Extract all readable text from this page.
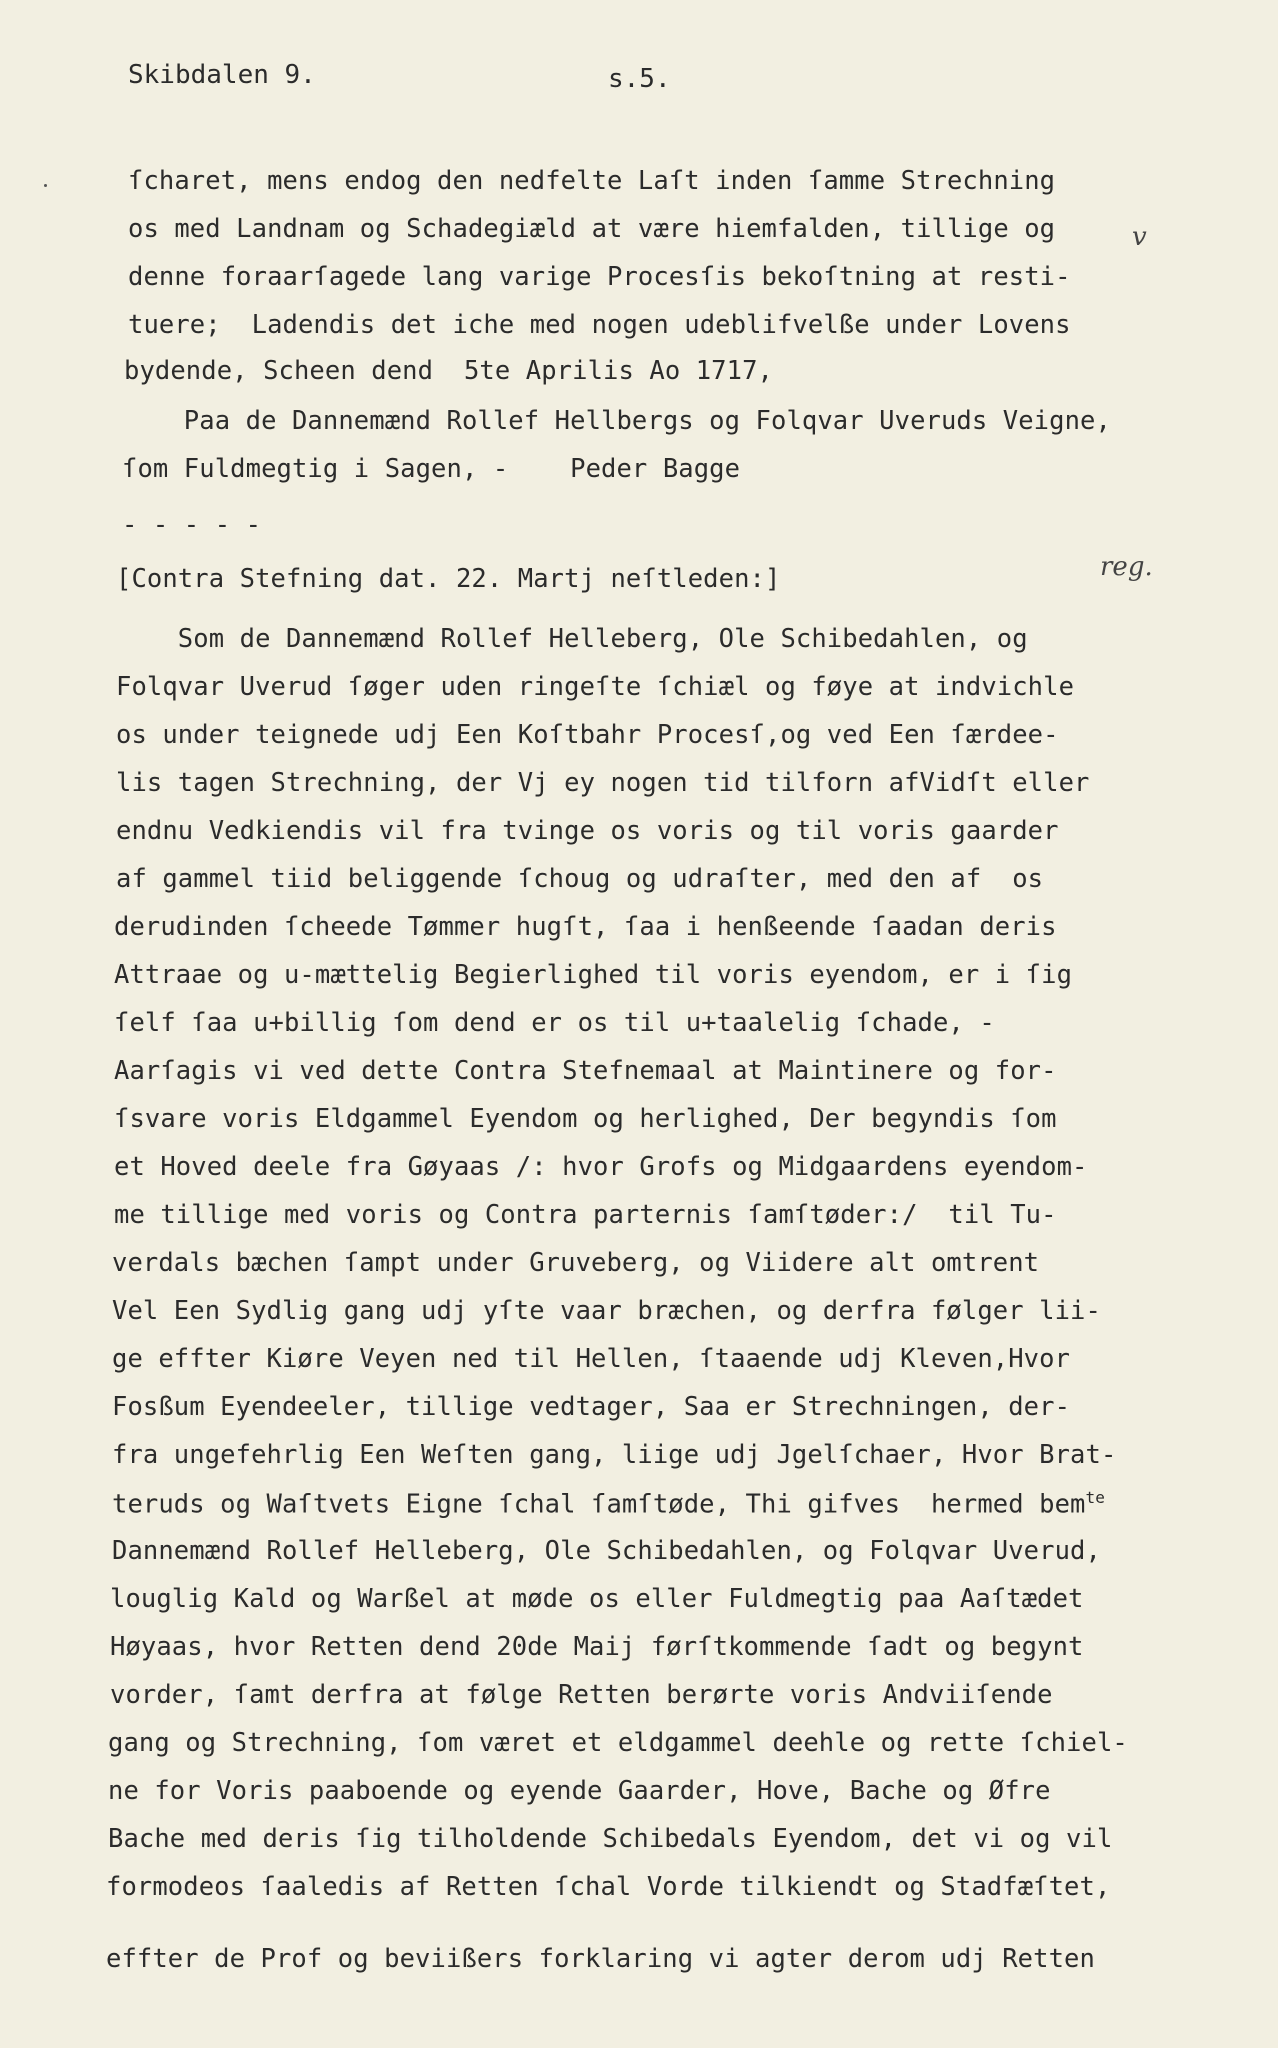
Skibdalen 9.	s.5.
v
reg.
ſcharet, mens endog den nedfelte Laſt inden ſamme Strechning
os med Landnam og Schadegiæld at være hiemfalden, tillige og
denne foraarſagede lang varige Procesſis bekoſtning at resti-
tuere;  Ladendis det iche med nogen udeblifvelße under Lovens
bydende, Scheen dend  5te Aprilis Ao 1717,
Paa de Dannemænd Rollef Hellbergs og Folqvar Uveruds Veigne,
ſom Fuldmegtig i Sagen, -    Peder Bagge
- - - - -
[Contra Stefning dat. 22. Martj neſtleden:]
Som de Dannemænd Rollef Helleberg, Ole Schibedahlen, og
Folqvar Uverud ſøger uden ringeſte ſchiæl og føye at indvichle
os under teignede udj Een Koſtbahr Procesſ,og ved Een ſærdee-
lis tagen Strechning, der Vj ey nogen tid tilforn afVidſt eller
endnu Vedkiendis vil fra tvinge os voris og til voris gaarder
af gammel tiid beliggende ſchoug og udraſter, med den af  os
derudinden ſcheede Tømmer hugſt, ſaa i henßeende ſaadan deris
Attraae og u-mættelig Begierlighed til voris eyendom, er i ſig
ſelf ſaa u+billig ſom dend er os til u+taalelig ſchade, -
Aarſagis vi ved dette Contra Stefnemaal at Maintinere og for-
ſsvare voris Eldgammel Eyendom og herlighed, Der begyndis ſom
et Hoved deele fra Gøyaas /: hvor Grofs og Midgaardens eyendom-
me tillige med voris og Contra parternis ſamſtøder:/  til Tu-
verdals bæchen ſampt under Gruveberg, og Viidere alt omtrent
Vel Een Sydlig gang udj yſte vaar bræchen, og derfra følger lii-
ge effter Kiøre Veyen ned til Hellen, ſtaaende udj Kleven,Hvor
Fosßum Eyendeeler, tillige vedtager, Saa er Strechningen, der-
fra ungefehrlig Een Weſten gang, liige udj Jgelſchaer, Hvor Brat-
teruds og Waſtvets Eigne ſchal ſamſtøde, Thi gifves  hermed bem$^{te}$
Dannemænd Rollef Helleberg, Ole Schibedahlen, og Folqvar Uverud,
louglig Kald og Warßel at møde os eller Fuldmegtig paa Aaſtædet
Høyaas, hvor Retten dend 20de Maij førſtkommende ſadt og begynt
vorder, ſamt derfra at følge Retten berørte voris Andviiſende
gang og Strechning, ſom været et eldgammel deehle og rette ſchiel-
ne for Voris paaboende og eyende Gaarder, Hove, Bache og Øfre
Bache med deris ſig tilholdende Schibedals Eyendom, det vi og vil
formodeos ſaaledis af Retten ſchal Vorde tilkiendt og Stadfæſtet,
effter de Prof og beviißers forklaring vi agter derom udj Retten
